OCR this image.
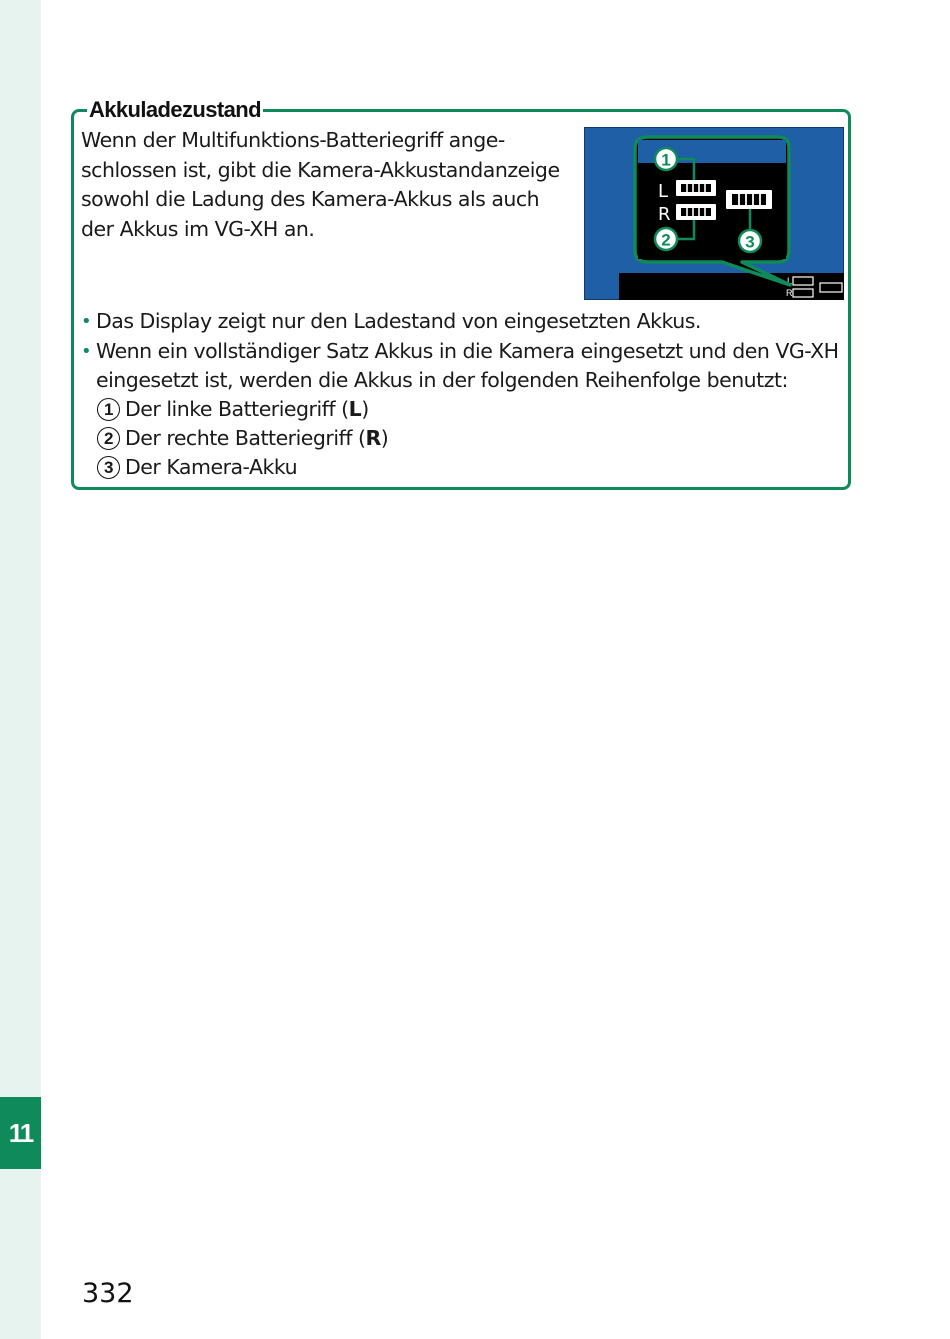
11
332
Akkuladezustand

Wenn der Multifunktions-Batteriegriff ange-
schlossen ist, gibt die Kamera-Akkustandanzeige
sowohl die Ladung des Kamera-Akkus als auch
der Akkus im VG-XH an.

L
R
L
R
1
2	3
• Das Display zeigt nur den Ladestand von eingesetzten Akkus.
• Wenn ein vollständiger Satz Akkus in die Kamera eingesetzt und den VG-XH eingesetzt ist, werden die Akkus in der folgenden Reihenfolge benutzt:
1 Der linke Batteriegriff ( L )
2 Der rechte Batteriegriff ( R )
3 Der Kamera-Akku
